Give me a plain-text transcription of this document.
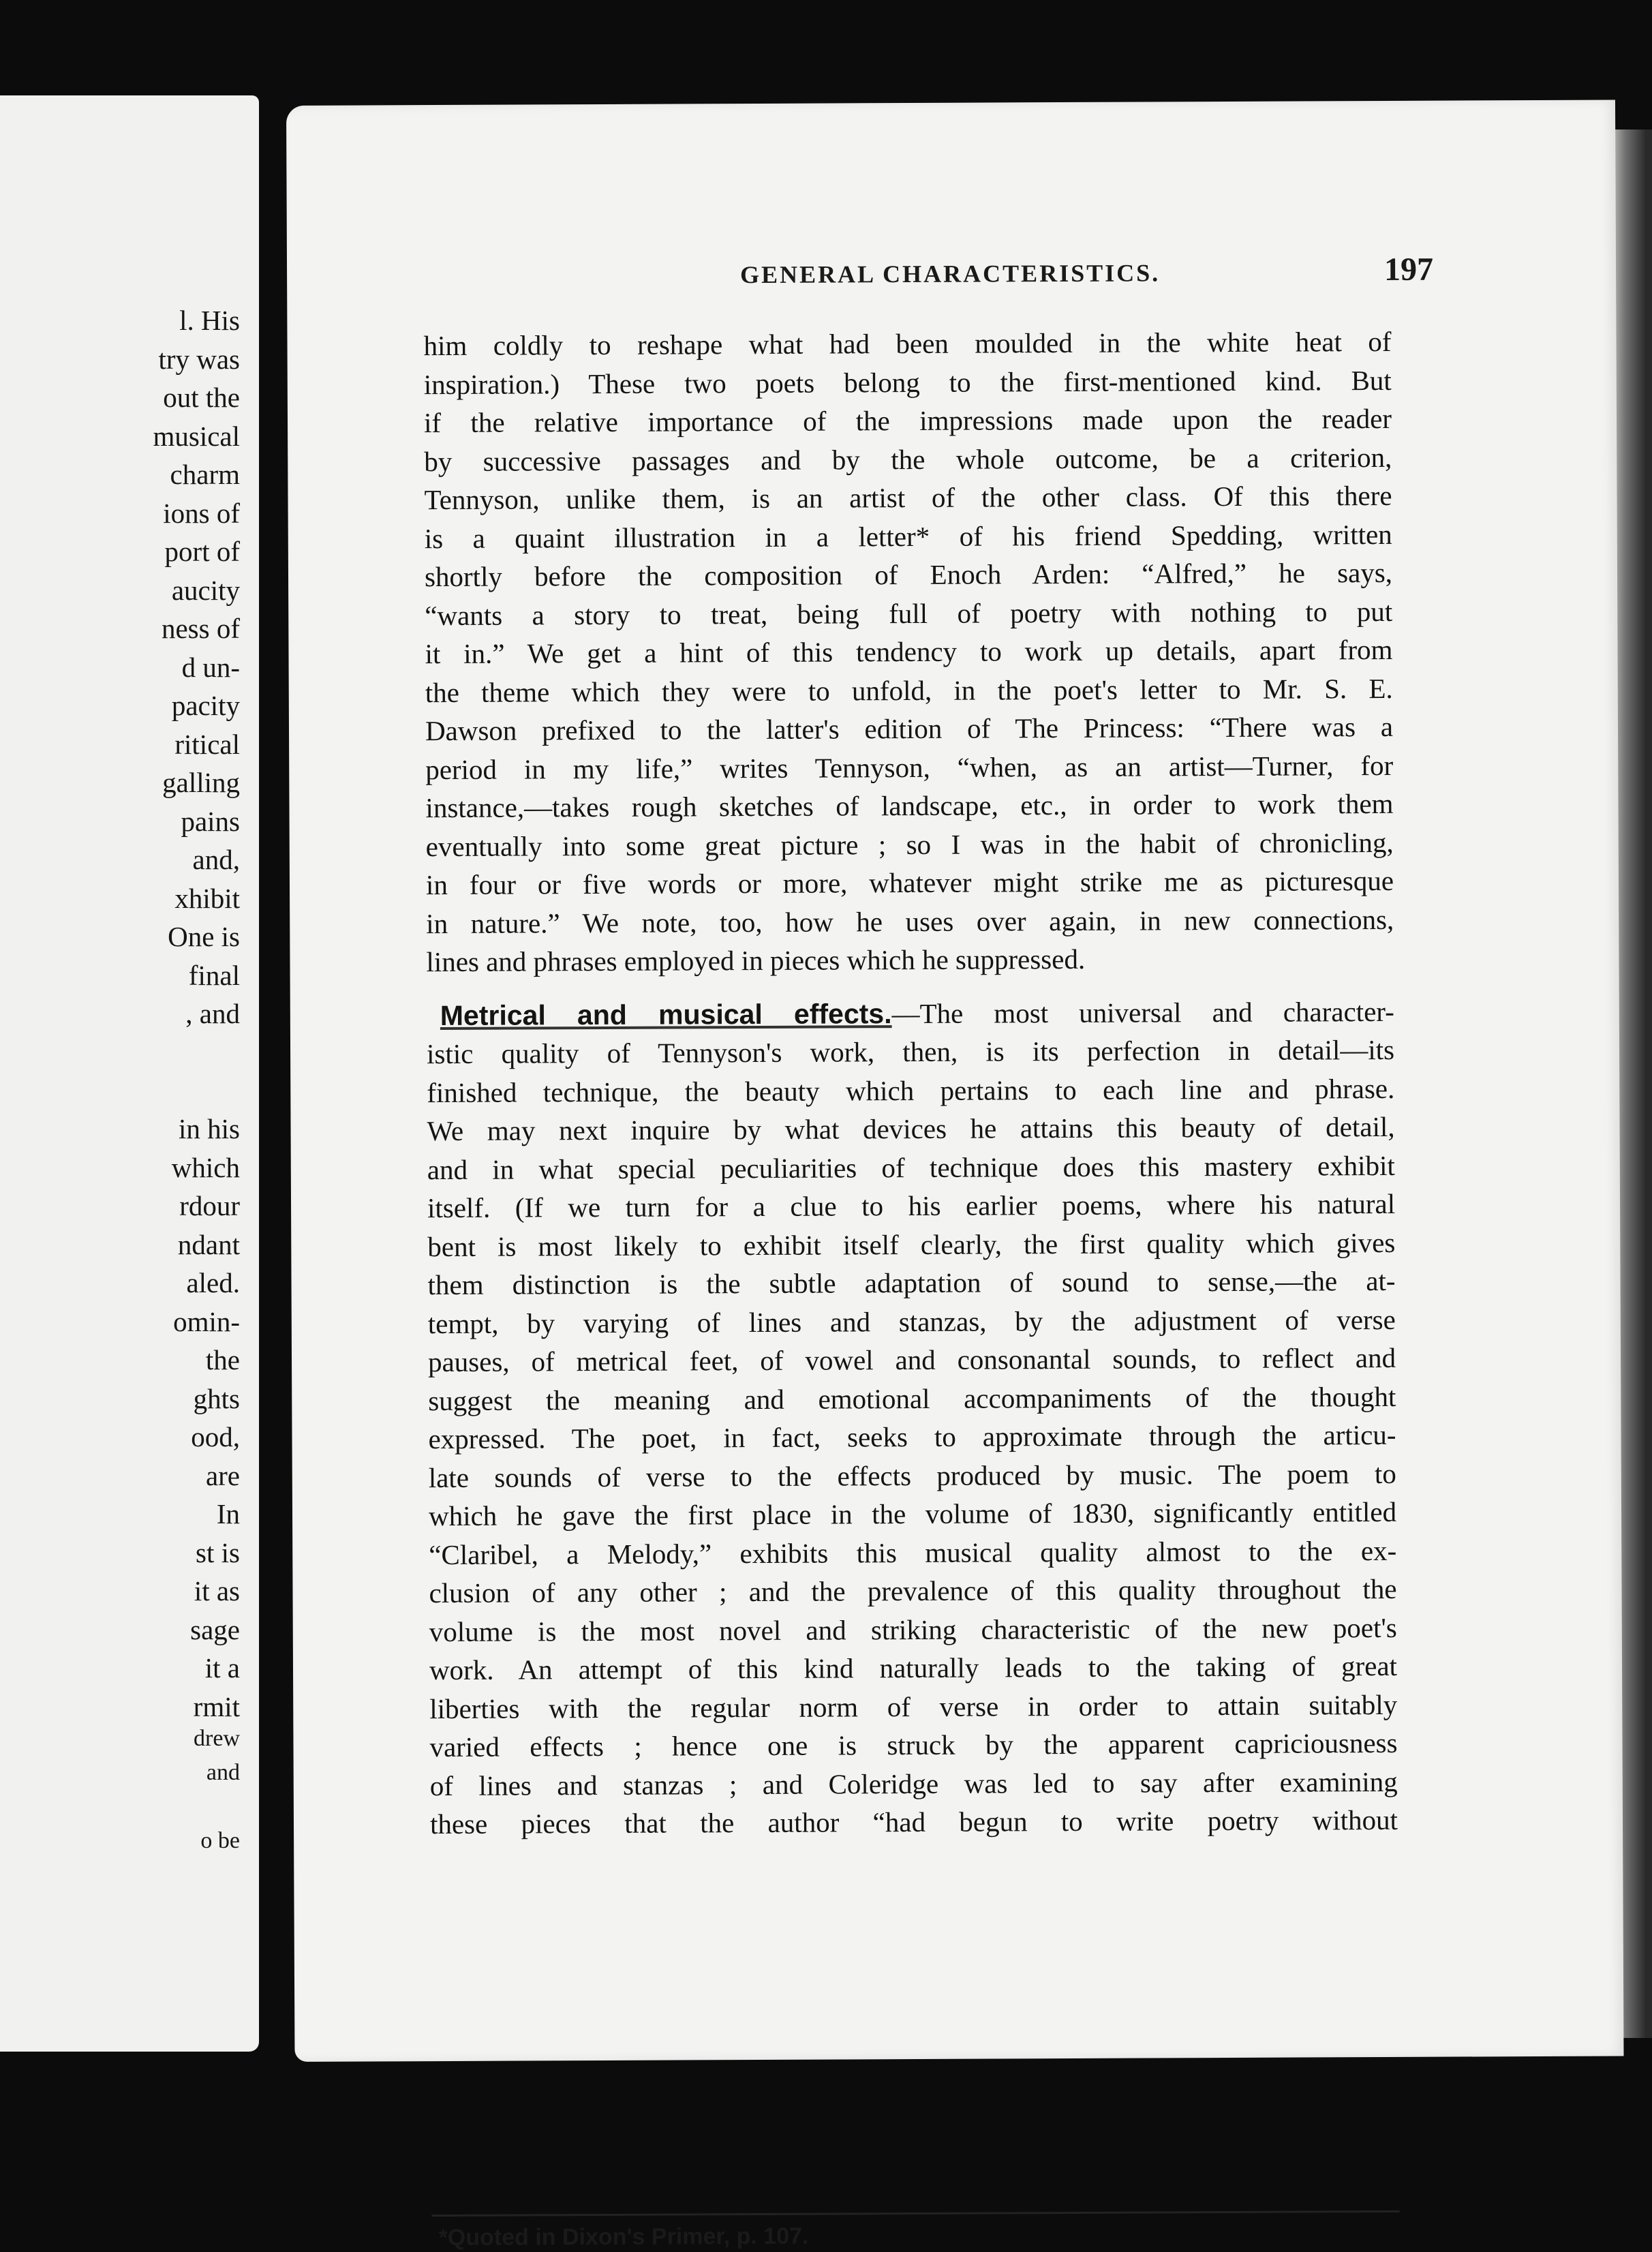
l. His
try was
out the
musical
charm
ions of
port of
aucity
ness of
d un-
pacity
ritical
galling
pains
and,
xhibit
One is
final
, and
in his
which
rdour
ndant
aled.
omin-
the
ghts
ood,
are
In
st is
it as
sage
it a
rmit
drew
and
o be
GENERAL CHARACTERISTICS.	197
him coldly to reshape what had been moulded in the white heat of
inspiration.) These two poets belong to the first-mentioned kind. But
if the relative importance of the impressions made upon the reader
by successive passages and by the whole outcome, be a criterion,
Tennyson, unlike them, is an artist of the other class. Of this there
is a quaint illustration in a letter* of his friend Spedding, written
shortly before the composition of Enoch Arden: “Alfred,” he says,
“wants a story to treat, being full of poetry with nothing to put
it in.” We get a hint of this tendency to work up details, apart from
the theme which they were to unfold, in the poet's letter to Mr. S. E.
Dawson prefixed to the latter's edition of The Princess: “There was a
period in my life,” writes Tennyson, “when, as an artist—Turner, for
instance,—takes rough sketches of landscape, etc., in order to work them
eventually into some great picture ; so I was in the habit of chronicling,
in four or five words or more, whatever might strike me as picturesque
in nature.” We note, too, how he uses over again, in new connections,
lines and phrases employed in pieces which he suppressed.
Metrical and musical effects.—The most universal and character-
istic quality of Tennyson's work, then, is its perfection in detail—its
finished technique, the beauty which pertains to each line and phrase.
We may next inquire by what devices he attains this beauty of detail,
and in what special peculiarities of technique does this mastery exhibit
itself. (If we turn for a clue to his earlier poems, where his natural
bent is most likely to exhibit itself clearly, the first quality which gives
them distinction is the subtle adaptation of sound to sense,—the at-
tempt, by varying of lines and stanzas, by the adjustment of verse
pauses, of metrical feet, of vowel and consonantal sounds, to reflect and
suggest the meaning and emotional accompaniments of the thought
expressed. The poet, in fact, seeks to approximate through the articu-
late sounds of verse to the effects produced by music. The poem to
which he gave the first place in the volume of 1830, significantly entitled
“Claribel, a Melody,” exhibits this musical quality almost to the ex-
clusion of any other ; and the prevalence of this quality throughout the
volume is the most novel and striking characteristic of the new poet's
work. An attempt of this kind naturally leads to the taking of great
liberties with the regular norm of verse in order to attain suitably
varied effects ; hence one is struck by the apparent capriciousness
of lines and stanzas ; and Coleridge was led to say after examining
these pieces that the author “had begun to write poetry without
*Quoted in Dixon's Primer, p. 107.
